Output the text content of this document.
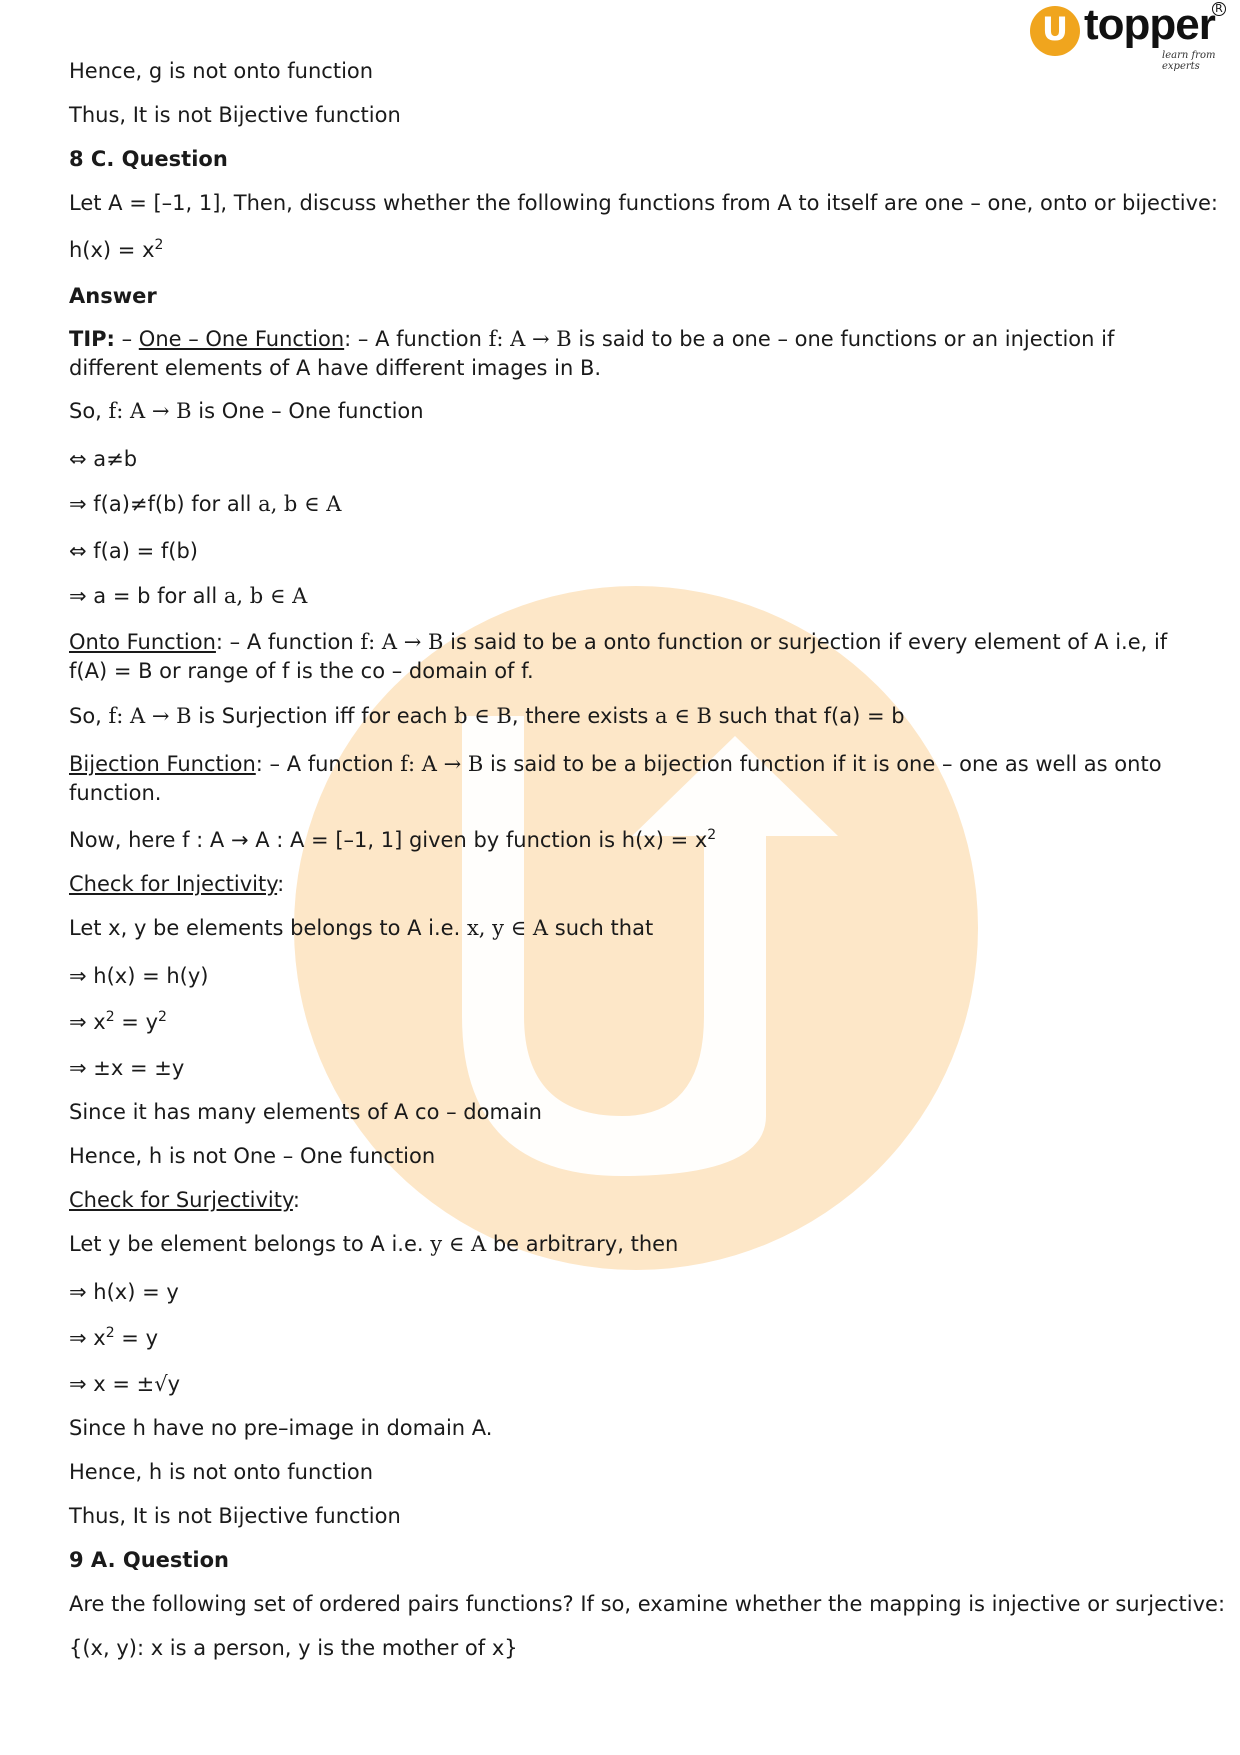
U topper
learn from experts
R
Hence, g is not onto function
Thus, It is not Bijective function
8 C. Question
Let A = [–1, 1], Then, discuss whether the following functions from A to itself are one – one, onto or bijective:
$h(x) = x^2$
Answer
TIP: – One – One Function: – A function f: A → B is said to be a one – one functions or an injection if different elements of A have different images in B.
So, f: A → B is One – One function
⇔ a≠b
⇒ f(a)≠f(b) for all a, b ∈ A
⇔ f(a) = f(b)
⇒ a = b for all a, b ∈ A
Onto Function: – A function f: A → B is said to be a onto function or surjection if every element of A i.e, if f(A) = B or range of f is the co – domain of f.
So, f: A → B is Surjection iff for each b ∈ B, there exists a ∈ B such that f(a) = b
Bijection Function: – A function f: A → B is said to be a bijection function if it is one – one as well as onto function.
Now, here f : A → A : A = [–1, 1] given by function is $h(x) = x^2$
Check for Injectivity:
Let x, y be elements belongs to A i.e. x, y ∈ A such that
⇒ h(x) = h(y)
⇒ $x^2 = y^2$
⇒ ±x = ±y
Since it has many elements of A co – domain
Hence, h is not One – One function
Check for Surjectivity:
Let y be element belongs to A i.e. y ∈ A be arbitrary, then
⇒ h(x) = y
⇒ $x^2 = y$
⇒ x = ±√y
Since h have no pre–image in domain A.
Hence, h is not onto function
Thus, It is not Bijective function
9 A. Question
Are the following set of ordered pairs functions? If so, examine whether the mapping is injective or surjective:
{(x, y): x is a person, y is the mother of x}
